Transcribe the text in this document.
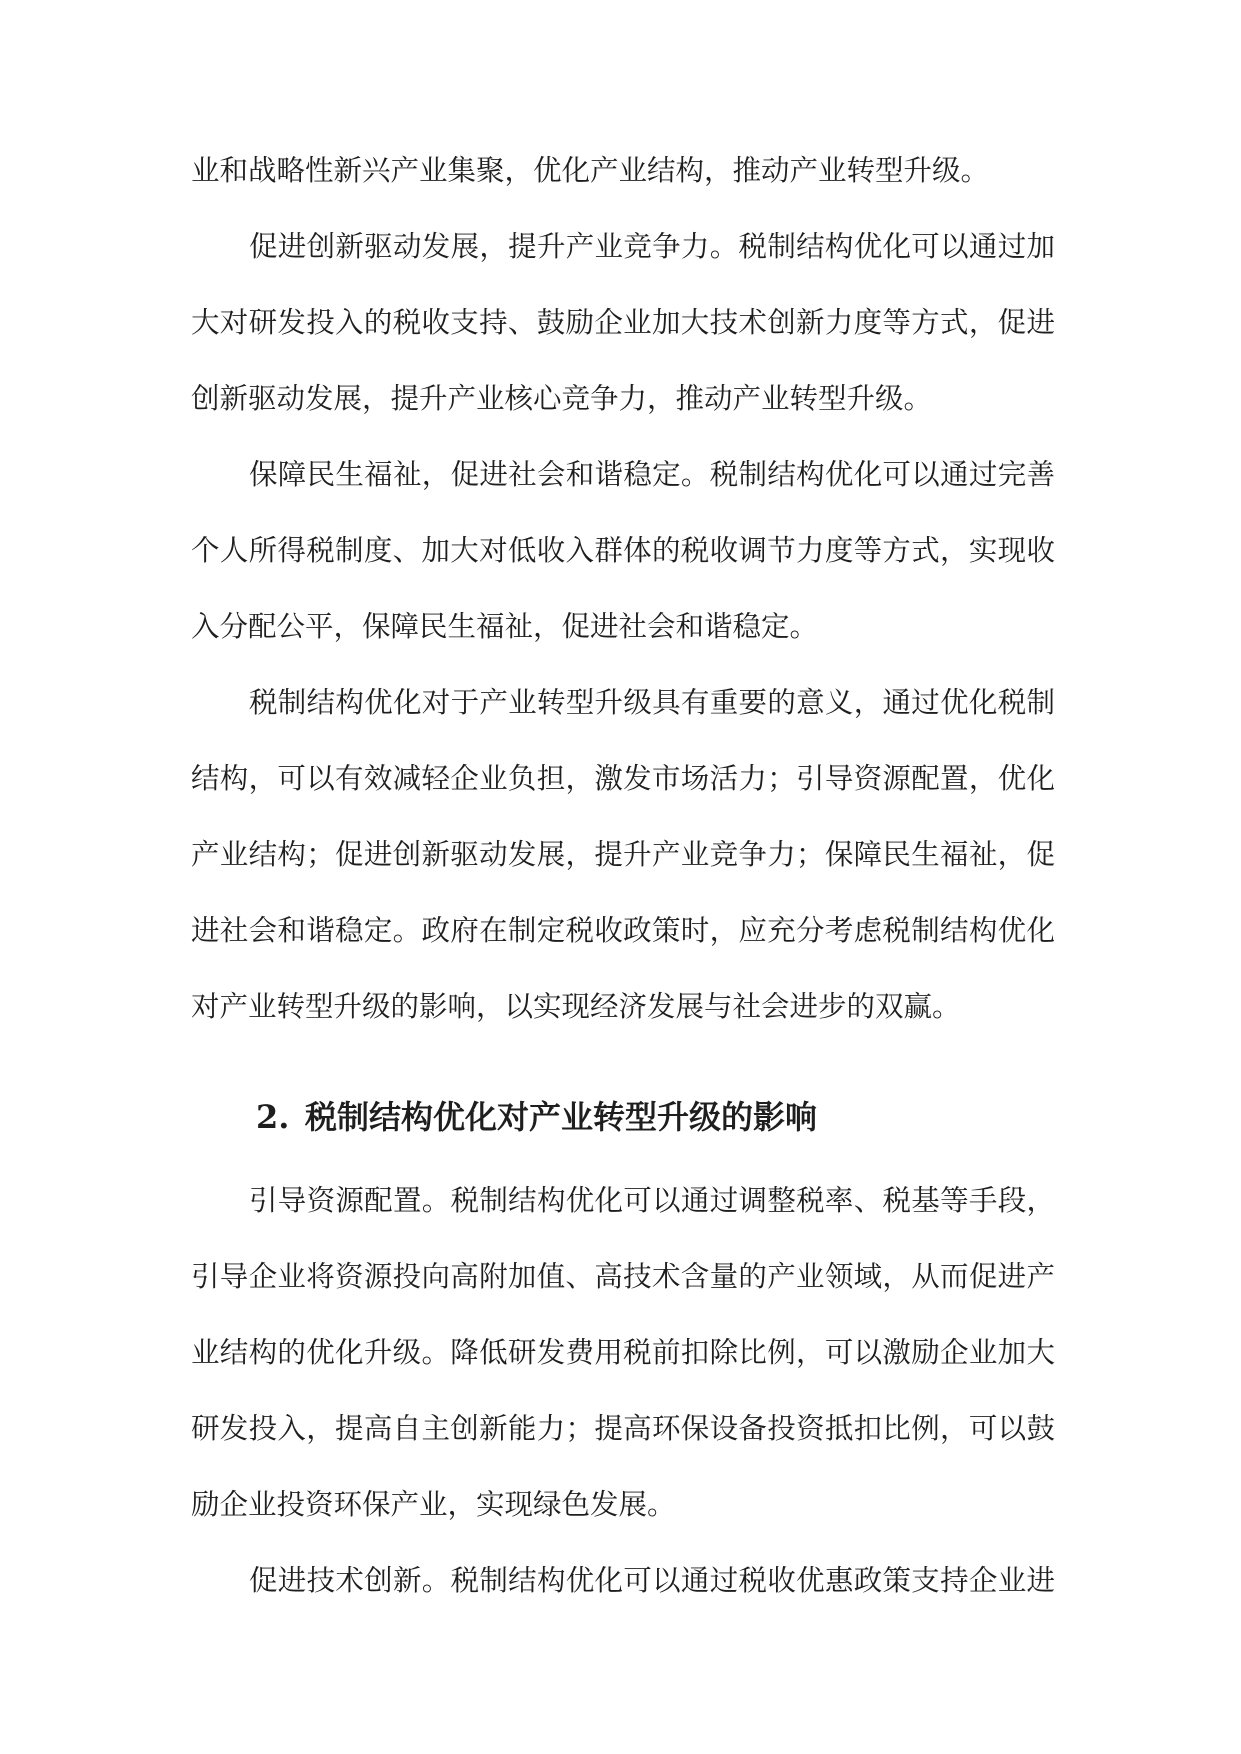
业和战略性新兴产业集聚，优化产业结构，推动产业转型升级。
促进创新驱动发展，提升产业竞争力。税制结构优化可以通过加
大对研发投入的税收支持、鼓励企业加大技术创新力度等方式，促进
创新驱动发展，提升产业核心竞争力，推动产业转型升级。
保障民生福祉，促进社会和谐稳定。税制结构优化可以通过完善
个人所得税制度、加大对低收入群体的税收调节力度等方式，实现收
入分配公平，保障民生福祉，促进社会和谐稳定。
税制结构优化对于产业转型升级具有重要的意义，通过优化税制
结构，可以有效减轻企业负担，激发市场活力；引导资源配置，优化
产业结构；促进创新驱动发展，提升产业竞争力；保障民生福祉，促
进社会和谐稳定。政府在制定税收政策时，应充分考虑税制结构优化
对产业转型升级的影响，以实现经济发展与社会进步的双赢。
2. 税制结构优化对产业转型升级的影响
引导资源配置。税制结构优化可以通过调整税率、税基等手段，
引导企业将资源投向高附加值、高技术含量的产业领域，从而促进产
业结构的优化升级。降低研发费用税前扣除比例，可以激励企业加大
研发投入，提高自主创新能力；提高环保设备投资抵扣比例，可以鼓
励企业投资环保产业，实现绿色发展。
促进技术创新。税制结构优化可以通过税收优惠政策支持企业进
